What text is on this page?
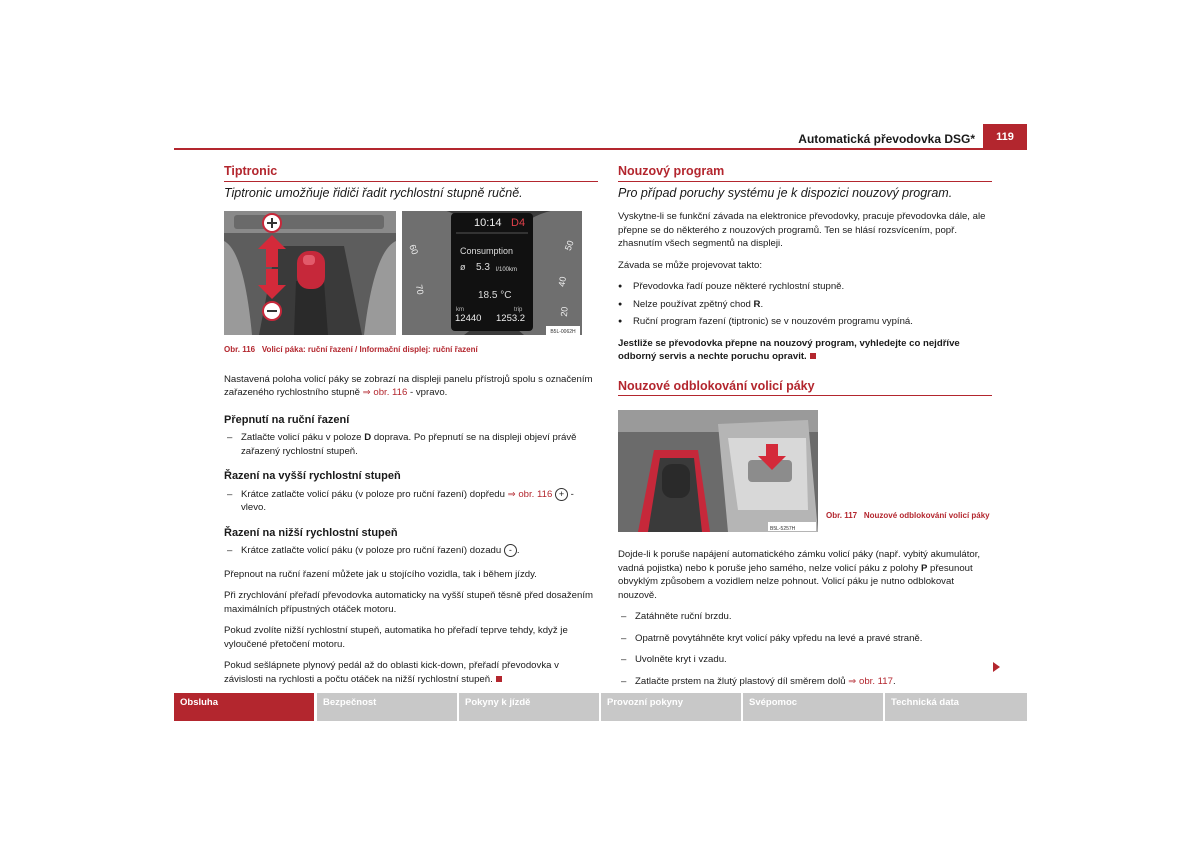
Automatická převodovka DSG*	119
Tiptronic
Tiptronic umožňuje řidiči řadit rychlostní stupně ručně.
10:14 D4
Consumption
ø 5.3 l/100km
18.5 °C
km	trip
12440 1253.2
60
70
50
40
20
B5L-0062H
Obr. 116 Volicí páka: ruční řazení / Informační displej: ruční řazení

Nastavená poloha volicí páky se zobrazí na displeji panelu přístrojů spolu s označením zařazeného rychlostního stupně ⇒ obr. 116 - vpravo.

Přepnutí na ruční řazení
– Zatlačte volicí páku v poloze D doprava. Po přepnutí se na displeji objeví právě zařazený rychlostní stupeň.
Řazení na vyšší rychlostní stupeň
– Krátce zatlačte volicí páku (v poloze pro ruční řazení) dopředu ⇒ obr. 116 + - vlevo.
Řazení na nižší rychlostní stupeň
– Krátce zatlačte volicí páku (v poloze pro ruční řazení) dozadu - .

Přepnout na ruční řazení můžete jak u stojícího vozidla, tak i během jízdy.

Při zrychlování přeřadí převodovka automaticky na vyšší stupeň těsně před dosažením maximálních přípustných otáček motoru.

Pokud zvolíte nižší rychlostní stupeň, automatika ho přeřadí teprve tehdy, když je vyloučené přetočení motoru.

Pokud sešlápnete plynový pedál až do oblasti kick-down, přeřadí převodovka v závislosti na rychlosti a počtu otáček na nižší rychlostní stupeň.

Nouzový program
Pro případ poruchy systému je k dispozici nouzový program.

Vyskytne-li se funkční závada na elektronice převodovky, pracuje převodovka dále, ale přepne se do některého z nouzových programů. Ten se hlásí rozsvícením, popř. zhasnutím všech segmentů na displeji.

Závada se může projevovat takto:

● Převodovka řadí pouze některé rychlostní stupně.
● Nelze používat zpětný chod R.
● Ruční program řazení (tiptronic) se v nouzovém programu vypíná.

Jestliže se převodovka přepne na nouzový program, vyhledejte co nejdříve odborný servis a nechte poruchu opravit.

Nouzové odblokování volicí páky
B5L-5257H
Obr. 117 Nouzové odblokování volicí páky

Dojde-li k poruše napájení automatického zámku volicí páky (např. vybitý akumulátor, vadná pojistka) nebo k poruše jeho samého, nelze volicí páku z polohy P přesunout obvyklým způsobem a vozidlem nelze pohnout. Volicí páku je nutno odblokovat nouzově.

– Zatáhněte ruční brzdu.
– Opatrně povytáhněte kryt volicí páky vpředu na levé a pravé straně.
– Uvolněte kryt i vzadu.
– Zatlačte prstem na žlutý plastový díl směrem dolů ⇒ obr. 117.
Obsluha	Bezpečnost	Pokyny k jízdě	Provozní pokyny	Svépomoc	Technická data
